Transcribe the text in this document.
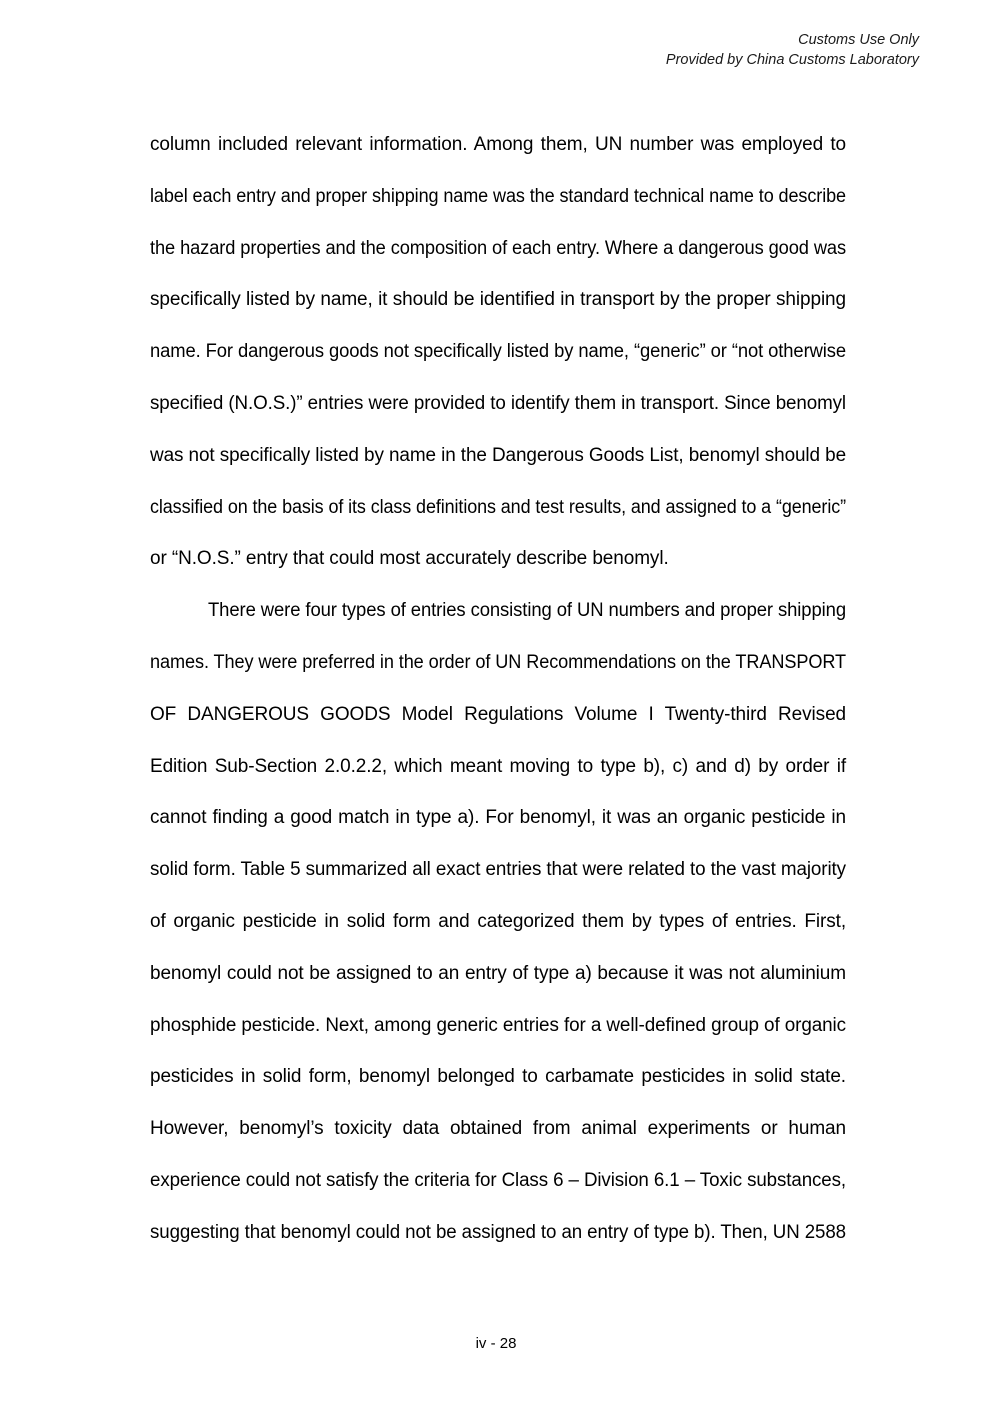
Customs Use Only
Provided by China Customs Laboratory
column included relevant information. Among them, UN number was employed to
label each entry and proper shipping name was the standard technical name to describe
the hazard properties and the composition of each entry. Where a dangerous good was
specifically listed by name, it should be identified in transport by the proper shipping
name. For dangerous goods not specifically listed by name, “generic” or “not otherwise
specified (N.O.S.)” entries were provided to identify them in transport. Since benomyl
was not specifically listed by name in the Dangerous Goods List, benomyl should be
classified on the basis of its class definitions and test results, and assigned to a “generic”
or “N.O.S.” entry that could most accurately describe benomyl.
There were four types of entries consisting of UN numbers and proper shipping
names. They were preferred in the order of UN Recommendations on the TRANSPORT
OF DANGEROUS GOODS Model Regulations Volume I Twenty-third Revised
Edition Sub-Section 2.0.2.2, which meant moving to type b), c) and d) by order if
cannot finding a good match in type a). For benomyl, it was an organic pesticide in
solid form. Table 5 summarized all exact entries that were related to the vast majority
of organic pesticide in solid form and categorized them by types of entries. First,
benomyl could not be assigned to an entry of type a) because it was not aluminium
phosphide pesticide. Next, among generic entries for a well-defined group of organic
pesticides in solid form, benomyl belonged to carbamate pesticides in solid state.
However, benomyl’s toxicity data obtained from animal experiments or human
experience could not satisfy the criteria for Class 6 – Division 6.1 – Toxic substances,
suggesting that benomyl could not be assigned to an entry of type b). Then, UN 2588
iv - 28
